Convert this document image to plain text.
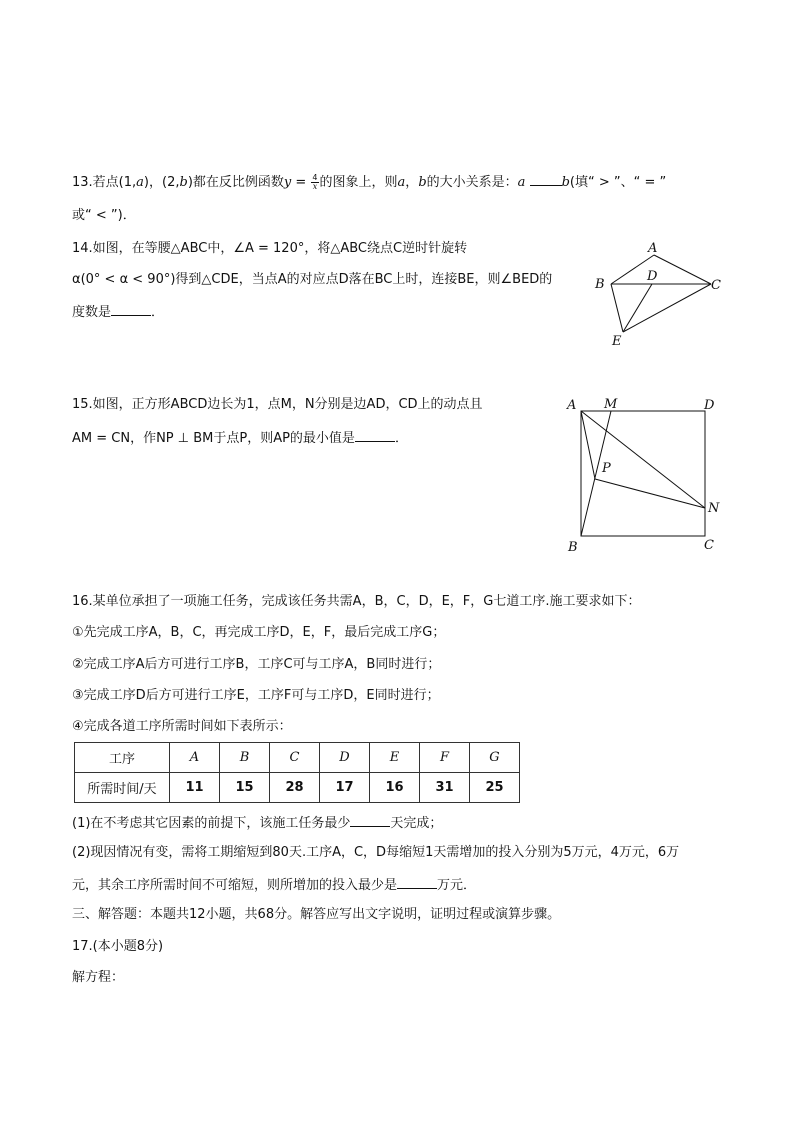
13.若点(1,a)，(2,b)都在反比例函数$y = \frac{4}{x}$ 的图象上，则a，b的大小关系是：a	b(填“ > ”、“ = ”
或“ < ”)．
14.如图，在等腰△ABC中，∠A = 120°，将△ABC绕点C逆时针旋转
α(0° < α < 90°)得到△CDE，当点A的对应点D落在BC上时，连接BE，则∠BED的
度数是	．
A
B	C
D
E
15.如图，正方形ABCD边长为1，点M，N分别是边AD，CD上的动点且
AM = CN，作NP ⊥ BM于点P，则AP的最小值是	．
A M	D
P
N
B	C
16.某单位承担了一项施工任务，完成该任务共需A，B，C，D，E，F，G七道工序.施工要求如下：
①先完成工序A，B，C，再完成工序D，E，F，最后完成工序G；
②完成工序A后方可进行工序B，工序C可与工序A，B同时进行；
③完成工序D后方可进行工序E，工序F可与工序D，E同时进行；
④完成各道工序所需时间如下表所示：
工序	A	B	C	D	E	F	G
所需时间/天	11	15	28	17	16	31	25
(1)在不考虑其它因素的前提下，该施工任务最少	天完成；
(2)现因情况有变，需将工期缩短到80天.工序A，C，D每缩短1天需增加的投入分别为5万元，4万元，6万
元，其余工序所需时间不可缩短，则所增加的投入最少是	万元．
三、解答题：本题共12小题，共68分。解答应写出文字说明，证明过程或演算步骤。
17.(本小题8分)
解方程：
